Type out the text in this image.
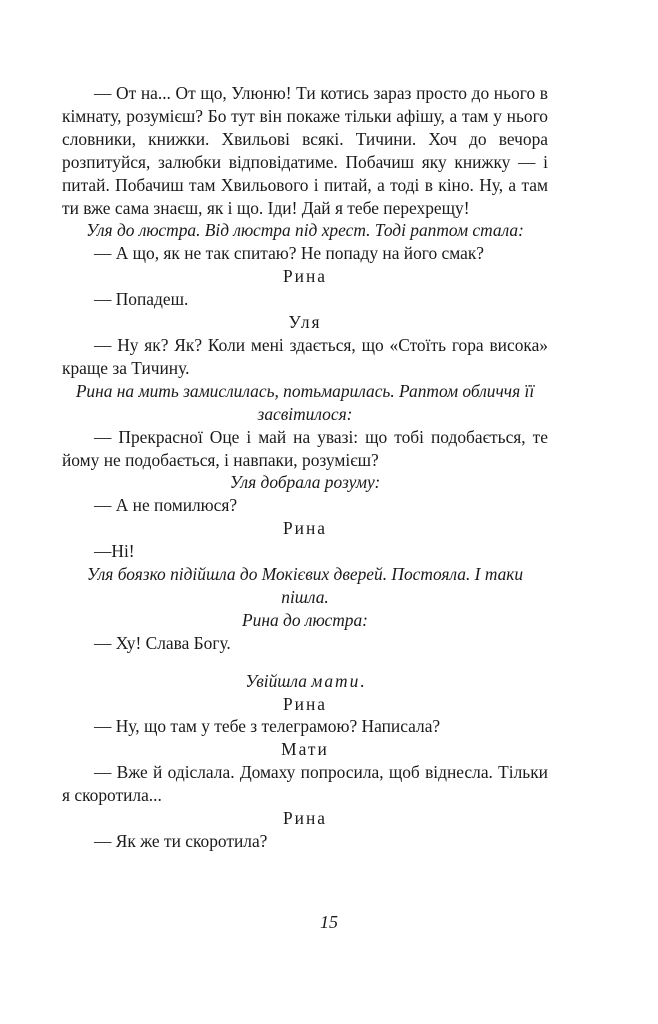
— От на... От що, Улюню! Ти котись зараз просто до нього в кімнату, розумієш? Бо тут він покаже тільки афішу, а там у нього словники, книжки. Хвильові всякі. Тичини. Хоч до вечора розпитуйся, залюбки відповідатиме. Побачиш яку книжку — і питай. Побачиш там Хвильового і питай, а тоді в кіно. Ну, а там ти вже сама знаєш, як і що. Іди! Дай я тебе перехрещу!

Уля до люстра. Від люстра під хрест. Тоді раптом стала:

— А що, як не так спитаю? Не попаду на його смак?

Рина

— Попадеш.

Уля

— Ну як? Як? Коли мені здається, що «Стоїть гора висока» краще за Тичину.

Рина на мить замислилась, потьмарилась. Раптом обличчя її засвітилося:

— Прекрасної Оце і май на увазі: що тобі подобається, те йому не подобається, і навпаки, розумієш?

Уля добрала розуму:

— А не помилюся?

Рина

—Ні!

Уля боязко підійшла до Мокієвих дверей. Постояла. І таки пішла.

Рина до люстра:

— Ху! Слава Богу.

Увійшла мати.

Рина

— Ну, що там у тебе з телеграмою? Написала?

Мати

— Вже й одіслала. Домаху попросила, щоб віднесла. Тільки я скоротила...

Рина

— Як же ти скоротила?

15
